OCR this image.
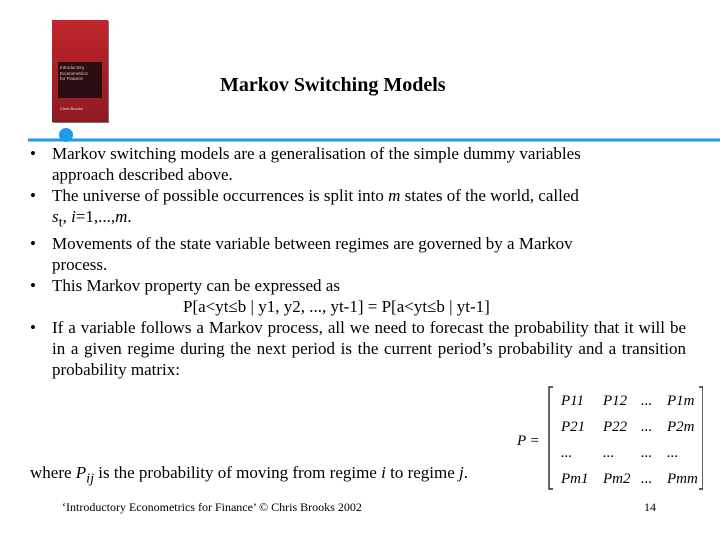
Introductory
Econometrics
for Finance
Chris Brooks
Markov Switching Models
• Markov switching models are a generalisation of the simple dummy variables
approach described above.
• The universe of possible occurrences is split into m states of the world, called
$s_t$, i=1,...,m.
• Movements of the state variable between regimes are governed by a Markov
process.
• This Markov property can be expressed as
P[a<yt≤b | y1, y2, ..., yt-1] = P[a<yt≤b | yt-1]
• If a variable follows a Markov process, all we need to forecast the probability that it will be in a given regime during the next period is the current period’s probability and a transition probability matrix:
P =
P11 P12 ... P1m
P21 P22 ... P2m
... ... ... ...
Pm1 Pm2 ... Pmm
where $P_{ij}$ is the probability of moving from regime i to regime j.
‘Introductory Econometrics for Finance’ © Chris Brooks 2002	14
